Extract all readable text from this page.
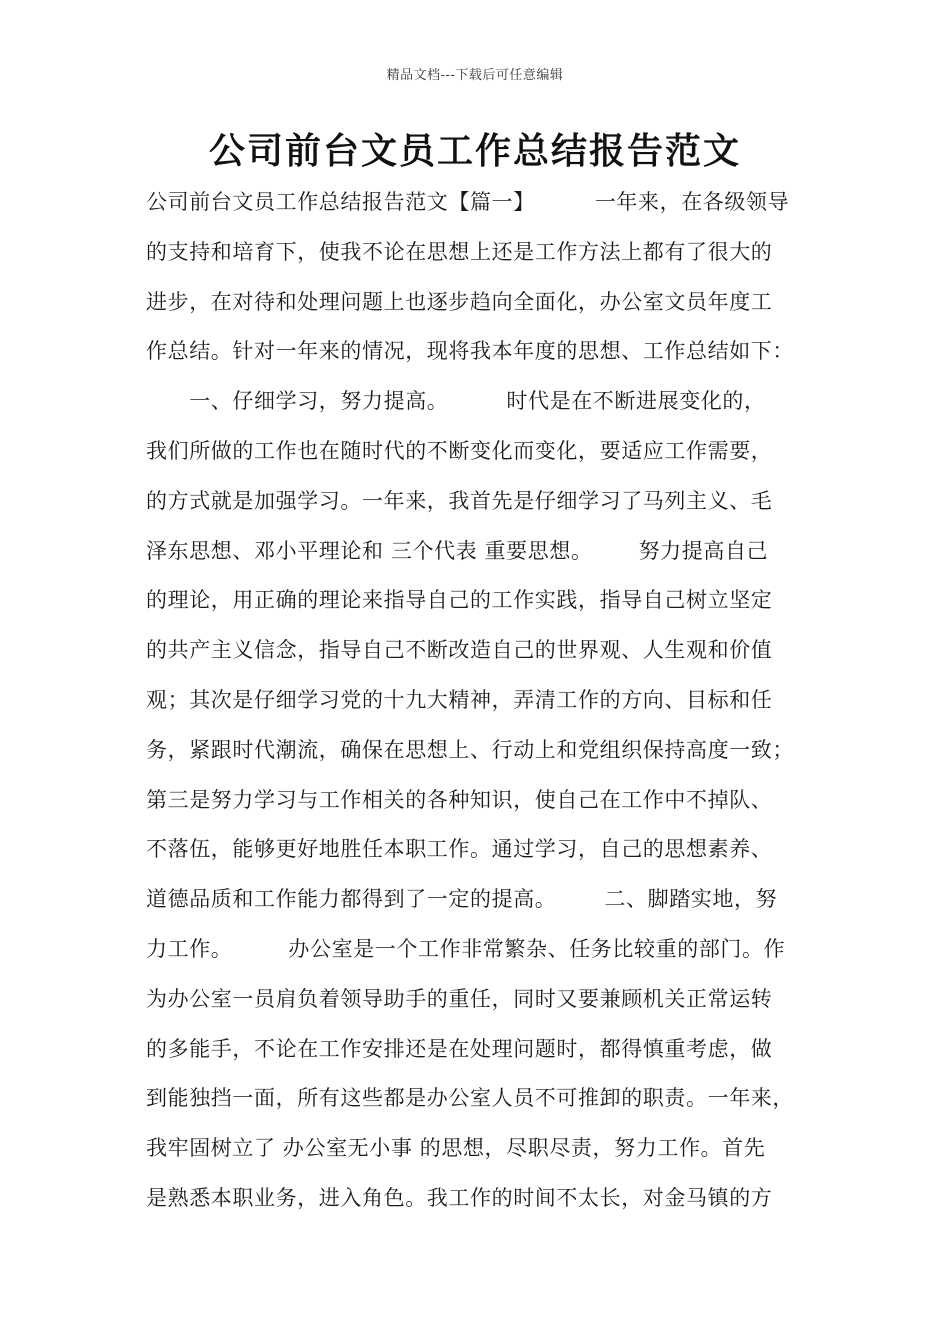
精品文档---下载后可任意编辑
公司前台文员工作总结报告范文
公司前台文员工作总结报告范文【篇一】	一年来，在各级领导
的支持和培育下，使我不论在思想上还是工作方法上都有了很大的
进步，在对待和处理问题上也逐步趋向全面化，办公室文员年度工
作总结。针对一年来的情况，现将我本年度的思想、工作总结如下：
　　一、仔细学习，努力提高。	时代是在不断进展变化的，
我们所做的工作也在随时代的不断变化而变化，要适应工作需要，
的方式就是加强学习。一年来，我首先是仔细学习了马列主义、毛
泽东思想、邓小平理论和 三个代表 重要思想。 努力提高自己
的理论，用正确的理论来指导自己的工作实践，指导自己树立坚定
的共产主义信念，指导自己不断改造自己的世界观、人生观和价值
观；其次是仔细学习党的十九大精神，弄清工作的方向、目标和任
务，紧跟时代潮流，确保在思想上、行动上和党组织保持高度一致；
第三是努力学习与工作相关的各种知识，使自己在工作中不掉队、
不落伍，能够更好地胜任本职工作。通过学习，自己的思想素养、
道德品质和工作能力都得到了一定的提高。 二、脚踏实地，努
力工作。	办公室是一个工作非常繁杂、任务比较重的部门。作
为办公室一员肩负着领导助手的重任，同时又要兼顾机关正常运转
的多能手，不论在工作安排还是在处理问题时，都得慎重考虑，做
到能独挡一面，所有这些都是办公室人员不可推卸的职责。一年来，
我牢固树立了 办公室无小事 的思想，尽职尽责，努力工作。首先
是熟悉本职业务，进入角色。我工作的时间不太长，对金马镇的方
